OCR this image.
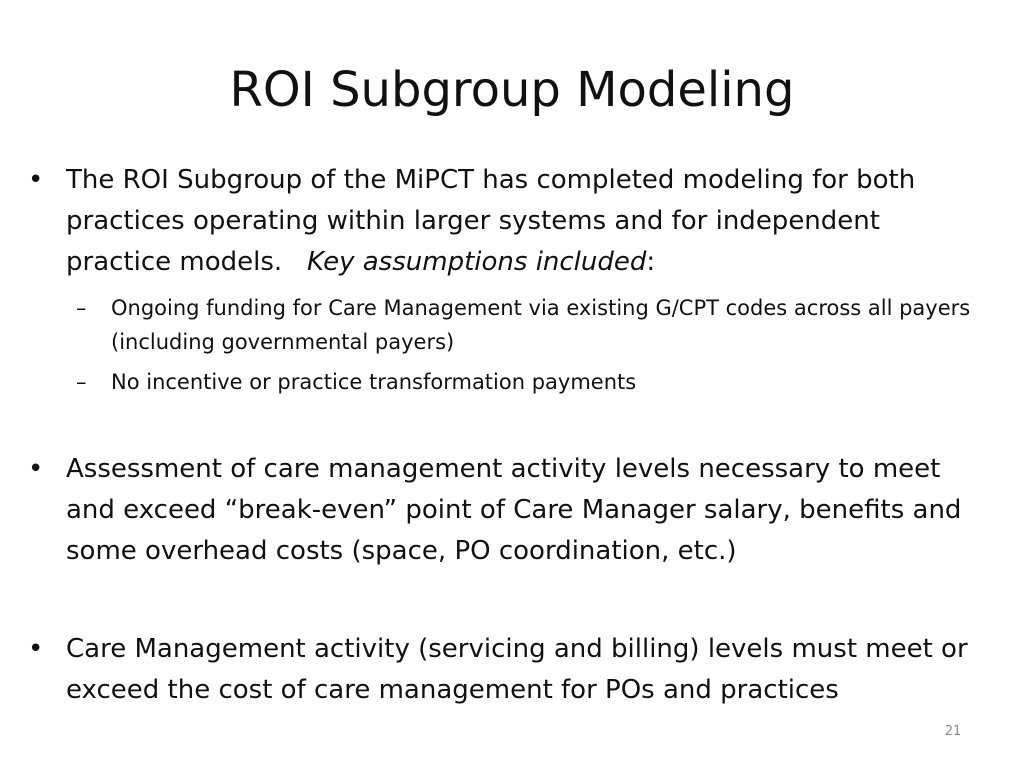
ROI Subgroup Modeling
• The ROI Subgroup of the MiPCT has completed modeling for both practices operating within larger systems and for independent practice models. Key assumptions included:
– Ongoing funding for Care Management via existing G/CPT codes across all payers (including governmental payers)
– No incentive or practice transformation payments
• Assessment of care management activity levels necessary to meet and exceed “break-even” point of Care Manager salary, benefits and some overhead costs (space, PO coordination, etc.)
• Care Management activity (servicing and billing) levels must meet or exceed the cost of care management for POs and practices
21
